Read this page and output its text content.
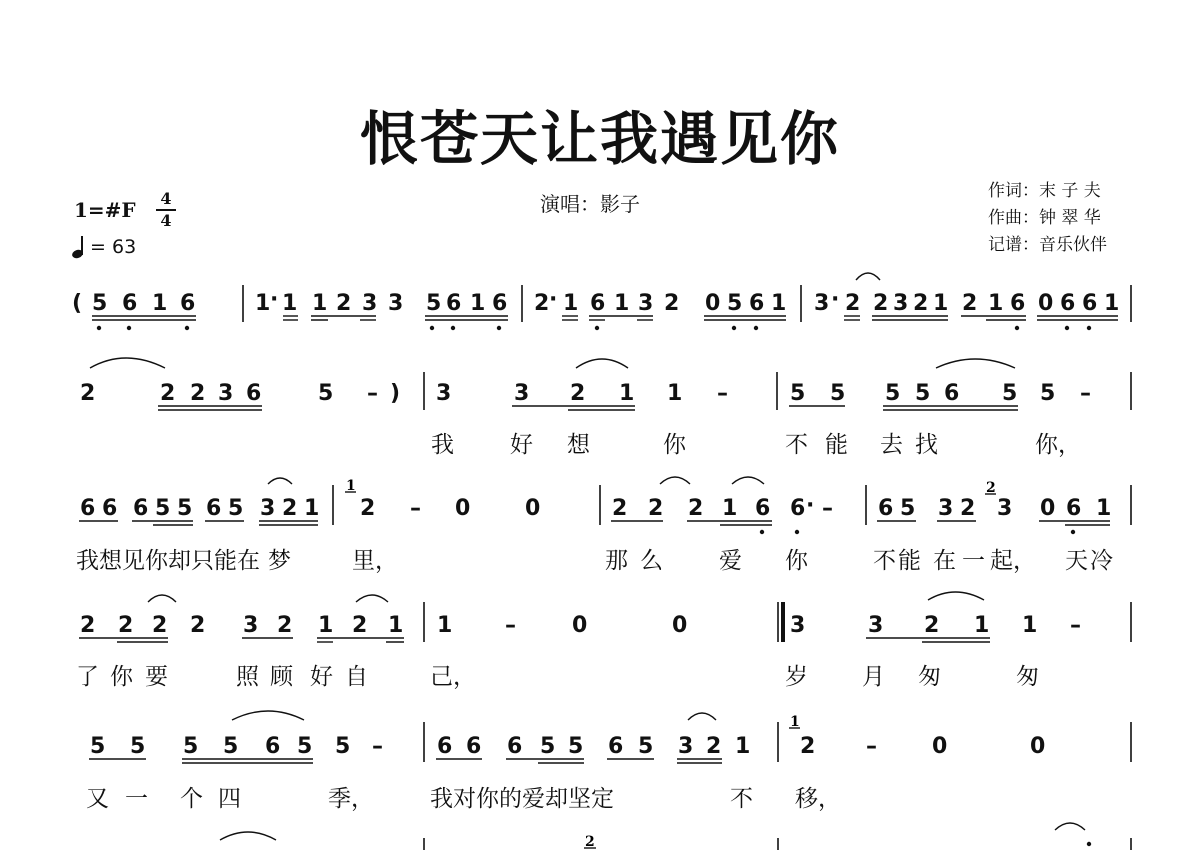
恨苍天让我遇见你
演唱：影子
作词：末 子 夫
作曲：钟 翠 华
记谱：音乐伙伴
1=#F 4
4
= 63
( 5 6 1 6	1 · 1 1 2 3 3 5 6 1 6 2 · 1 6 1 3 2 0 5 6 1 3 · 2 2 3 2 1 2 1 6 0 6 6 1
2	2 2 3 6	5 – ) 3	3 2 1 1 –	5 5 5 5 6 5 5 –
我 好 想	你	不 能 去 找	你，
6 6 6 5 5 6 5 3 2 1
1
2 – 0 0	2 2 2 1 6 6 · – 6 5 3 2
2
3 0 6 1
我想见你却只能在 梦	里，	那 么 爱 你	不 能 在 一 起， 天 冷
2 2 2 2 3 2 1 2 1 1 –	0	0	3	3 2 1 1 –
了 你 要	照 顾 好 自	己，	岁 月 匆	匆
5 5 5 5 6 5 5 – 6 6 6 5 5 6 5 3 2 1
1
2 –	0	0
又 一 个 四	季， 我对你的爱却坚定	不 移，
2
